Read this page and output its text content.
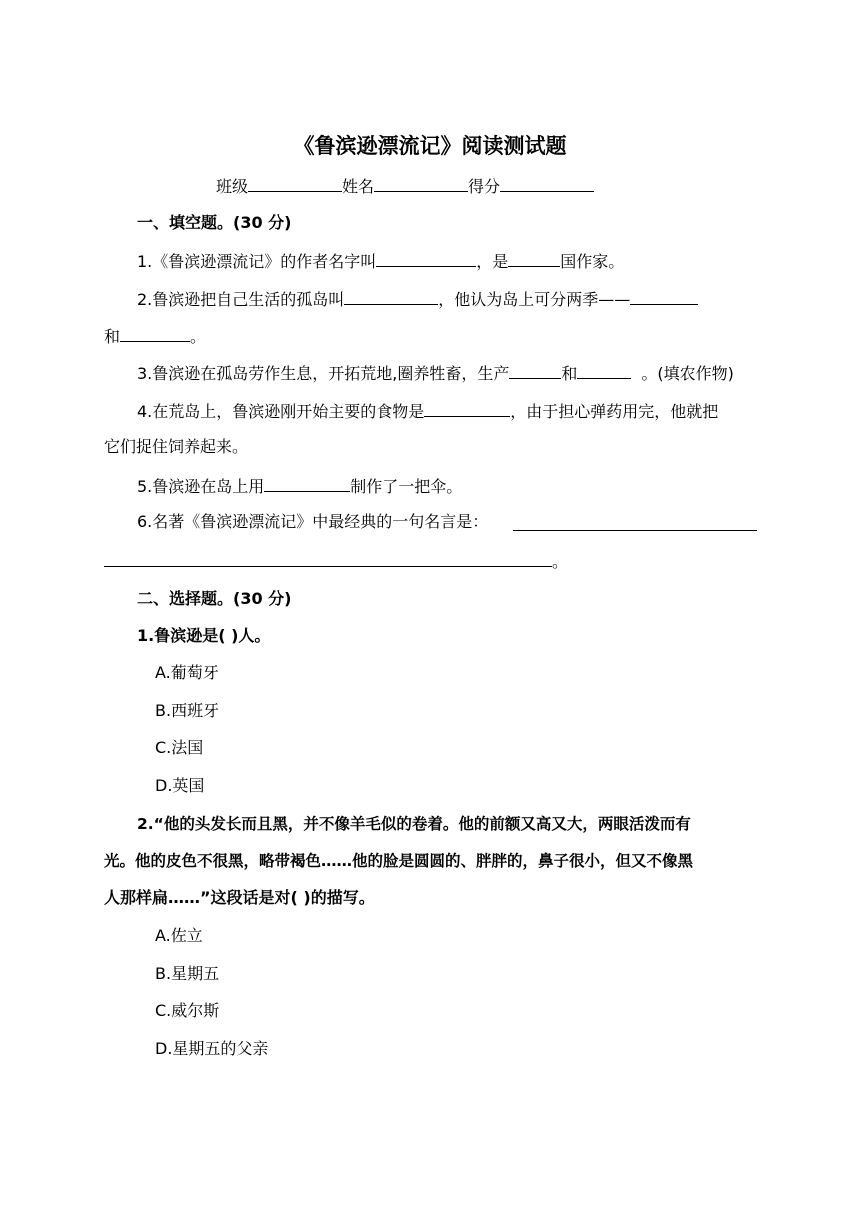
《鲁滨逊漂流记》阅读测试题
班级	姓名	得分
一、填空题。(30 分)
1.《鲁滨逊漂流记》的作者名字叫	，是	国作家。
2.鲁滨逊把自己生活的孤岛叫	，他认为岛上可分两季——
和	。
3.鲁滨逊在孤岛劳作生息，开拓荒地,圈养牲畜，生产	和	。(填农作物)
4.在荒岛上，鲁滨逊刚开始主要的食物是	，由于担心弹药用完，他就把
它们捉住饲养起来。
5.鲁滨逊在岛上用	制作了一把伞。
6.名著《鲁滨逊漂流记》中最经典的一句名言是：
。
二、选择题。(30 分)
1.鲁滨逊是( )人。
A.葡萄牙
B.西班牙
C.法国
D.英国
2.“他的头发长而且黑，并不像羊毛似的卷着。他的前额又高又大，两眼活泼而有
光。他的皮色不很黑，略带褐色……他的脸是圆圆的、胖胖的，鼻子很小，但又不像黑
人那样扁……”这段话是对( )的描写。
A.佐立
B.星期五
C.威尔斯
D.星期五的父亲
